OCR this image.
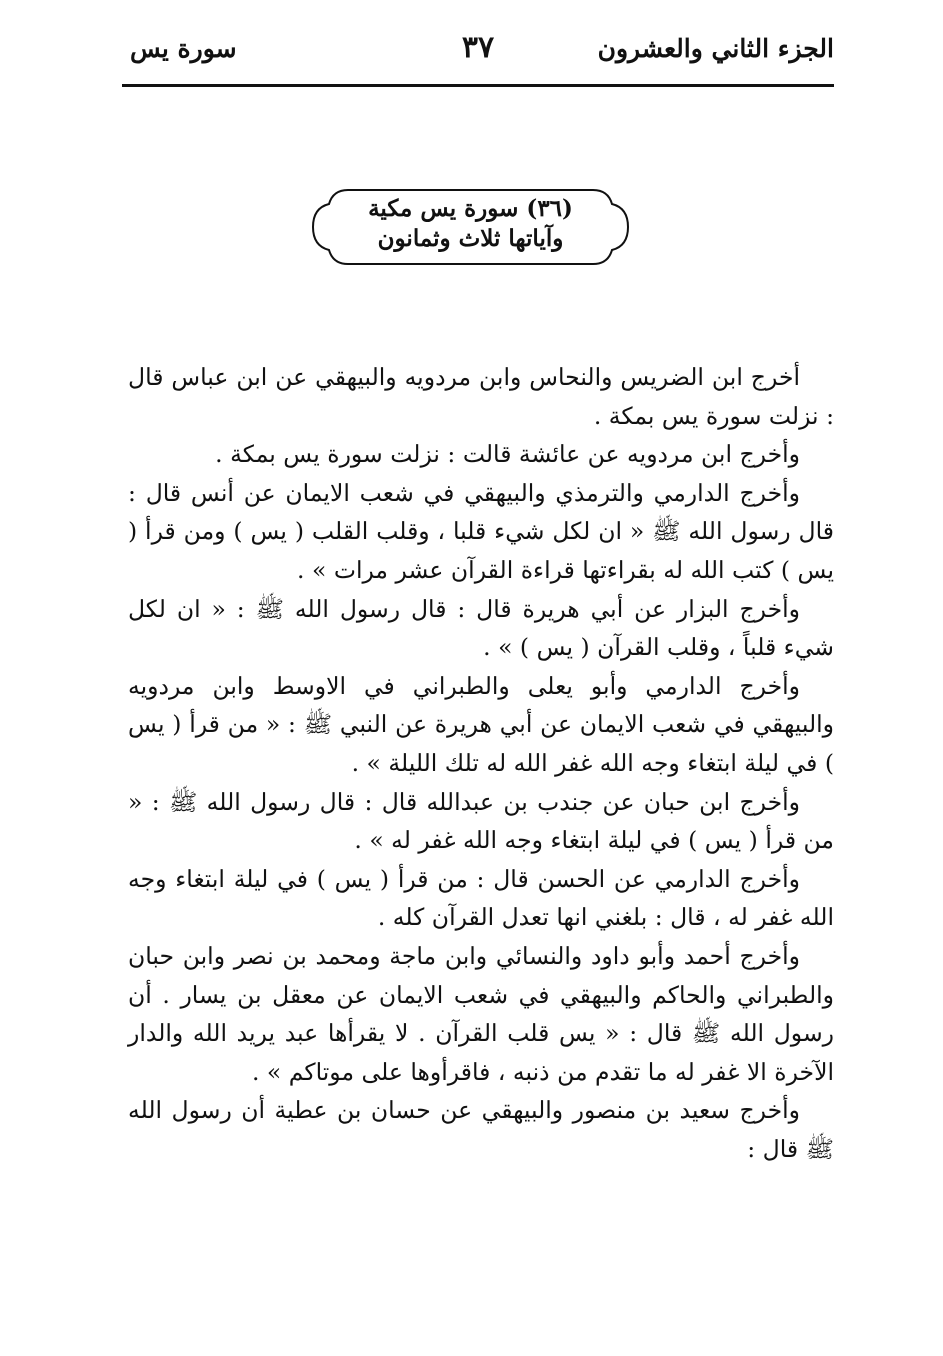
الجزء الثاني والعشرون
٣٧
سورة يس
(٣٦) سورة يس مكية
وآياتها ثلاث وثمانون

أخرج ابن الضريس والنحاس وابن مردويه والبيهقي عن ابن عباس قال : نزلت سورة يس بمكة .

وأخرج ابن مردويه عن عائشة قالت : نزلت سورة يس بمكة .

وأخرج الدارمي والترمذي والبيهقي في شعب الايمان عن أنس قال : قال رسول الله ﷺ « ان لكل شيء قلبا ، وقلب القلب ( يس ) ومن قرأ ( يس ) كتب الله له بقراءتها قراءة القرآن عشر مرات » .

وأخرج البزار عن أبي هريرة قال : قال رسول الله ﷺ : « ان لكل شيء قلباً ، وقلب القرآن ( يس ) » .

وأخرج الدارمي وأبو يعلى والطبراني في الاوسط وابن مردويه والبيهقي في شعب الايمان عن أبي هريرة عن النبي ﷺ : « من قرأ ( يس ) في ليلة ابتغاء وجه الله غفر الله له تلك الليلة » .

وأخرج ابن حبان عن جندب بن عبدالله قال : قال رسول الله ﷺ : « من قرأ ( يس ) في ليلة ابتغاء وجه الله غفر له » .

وأخرج الدارمي عن الحسن قال : من قرأ ( يس ) في ليلة ابتغاء وجه الله غفر له ، قال : بلغني انها تعدل القرآن كله .

وأخرج أحمد وأبو داود والنسائي وابن ماجة ومحمد بن نصر وابن حبان والطبراني والحاكم والبيهقي في شعب الايمان عن معقل بن يسار . أن رسول الله ﷺ قال : « يس قلب القرآن . لا يقرأها عبد يريد الله والدار الآخرة الا غفر له ما تقدم من ذنبه ، فاقرأوها على موتاكم » .

وأخرج سعيد بن منصور والبيهقي عن حسان بن عطية أن رسول الله ﷺ قال :
